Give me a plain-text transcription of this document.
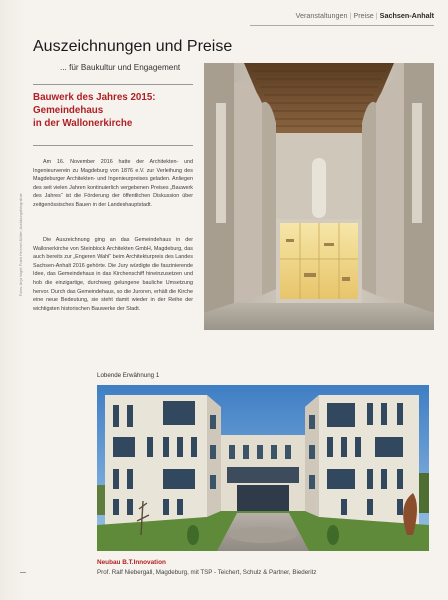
Veranstaltungen | Preise | Sachsen-Anhalt
Auszeichnungen und Preise
... für Baukultur und Engagement
Bauwerk des Jahres 2015:
Gemeindehaus
in der Wallonerkirche

Am 16. November 2016 hatte der Architekten- und Ingenieurverein zu Magdeburg von 1876 e.V. zur Verleihung des Magdeburger Architekten- und Ingenieurpreises geladen. Anliegen des seit vielen Jahren kontinuierlich vergebenen Preises „Bauwerk des Jahres“ ist die Förderung der öffentlichen Diskussion über zeitgenössisches Bauen in der Landeshauptstadt.

Die Auszeichnung ging an das Gemeindehaus in der Wallonerkirche von Steinblock Architekten GmbH, Magdeburg, das auch bereits zur „Engeren Wahl“ beim Architekturpreis des Landes Sachsen-Anhalt 2016 gehörte. Die Jury würdigte die faszinierende Idee, das Gemeindehaus in das Kirchenschiff hineinzusetzen und hob die einzigartige, durchweg gelungene bauliche Umsetzung hervor. Durch das Gemeindehaus, so die Juroren, erhält die Kirche eine neue Bedeutung, sie steht damit wieder in der Reihe der wichtigsten historischen Bauwerke der Stadt.

Fotos: Anja Vogel; Frank Heinrich-Müller; Auslobungsfotograf.de
Lobende Erwähnung 1
Neubau B.T.Innovation
Prof. Ralf Niebergall, Magdeburg, mit TSP - Teichert, Schulz & Partner, Biederitz
